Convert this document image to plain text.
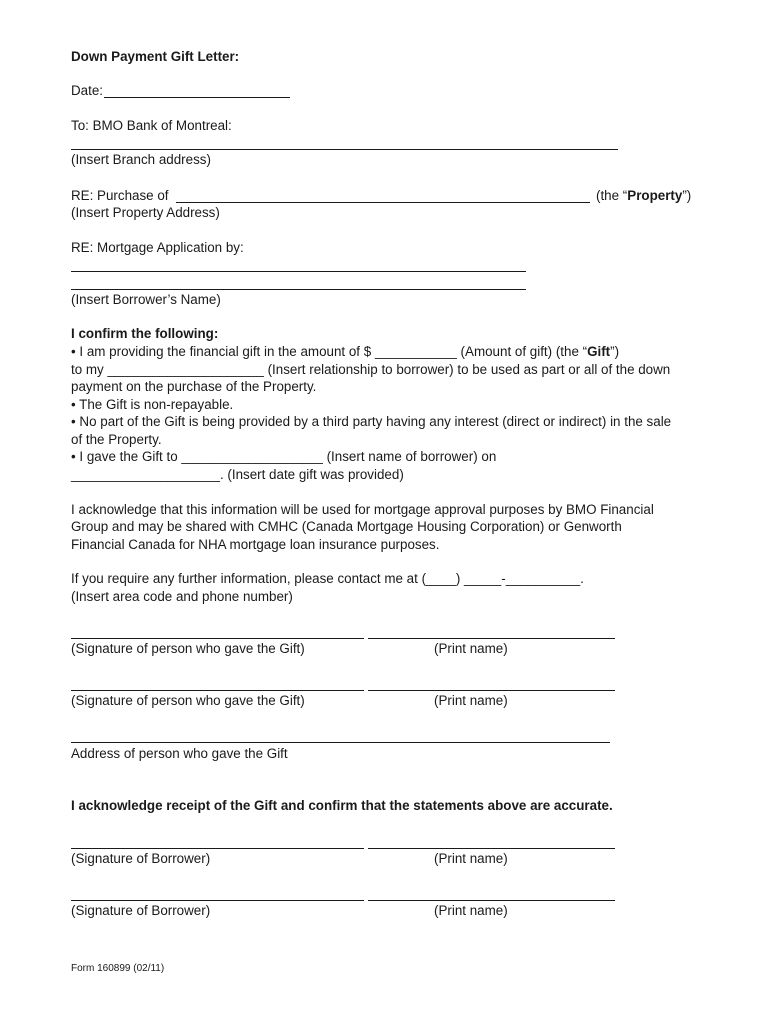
Down Payment Gift Letter:
Date:
To: BMO Bank of Montreal:
(Insert Branch address)
RE: Purchase of	(the “Property”)
(Insert Property Address)
RE: Mortgage Application by:
(Insert Borrower’s Name)
I confirm the following:
• I am providing the financial gift in the amount of $ ___________ (Amount of gift) (the “Gift”)
to my _____________________ (Insert relationship to borrower) to be used as part or all of the down
payment on the purchase of the Property.
• The Gift is non-repayable.
• No part of the Gift is being provided by a third party having any interest (direct or indirect) in the sale
of the Property.
• I gave the Gift to ___________________ (Insert name of borrower) on
____________________. (Insert date gift was provided)
I acknowledge that this information will be used for mortgage approval purposes by BMO Financial
Group and may be shared with CMHC (Canada Mortgage Housing Corporation) or Genworth
Financial Canada for NHA mortgage loan insurance purposes.
If you require any further information, please contact me at (____) _____-__________.
(Insert area code and phone number)
(Signature of person who gave the Gift)	(Print name)
(Signature of person who gave the Gift)	(Print name)
Address of person who gave the Gift
I acknowledge receipt of the Gift and confirm that the statements above are accurate.
(Signature of Borrower)	(Print name)
(Signature of Borrower)	(Print name)
Form 160899 (02/11)
